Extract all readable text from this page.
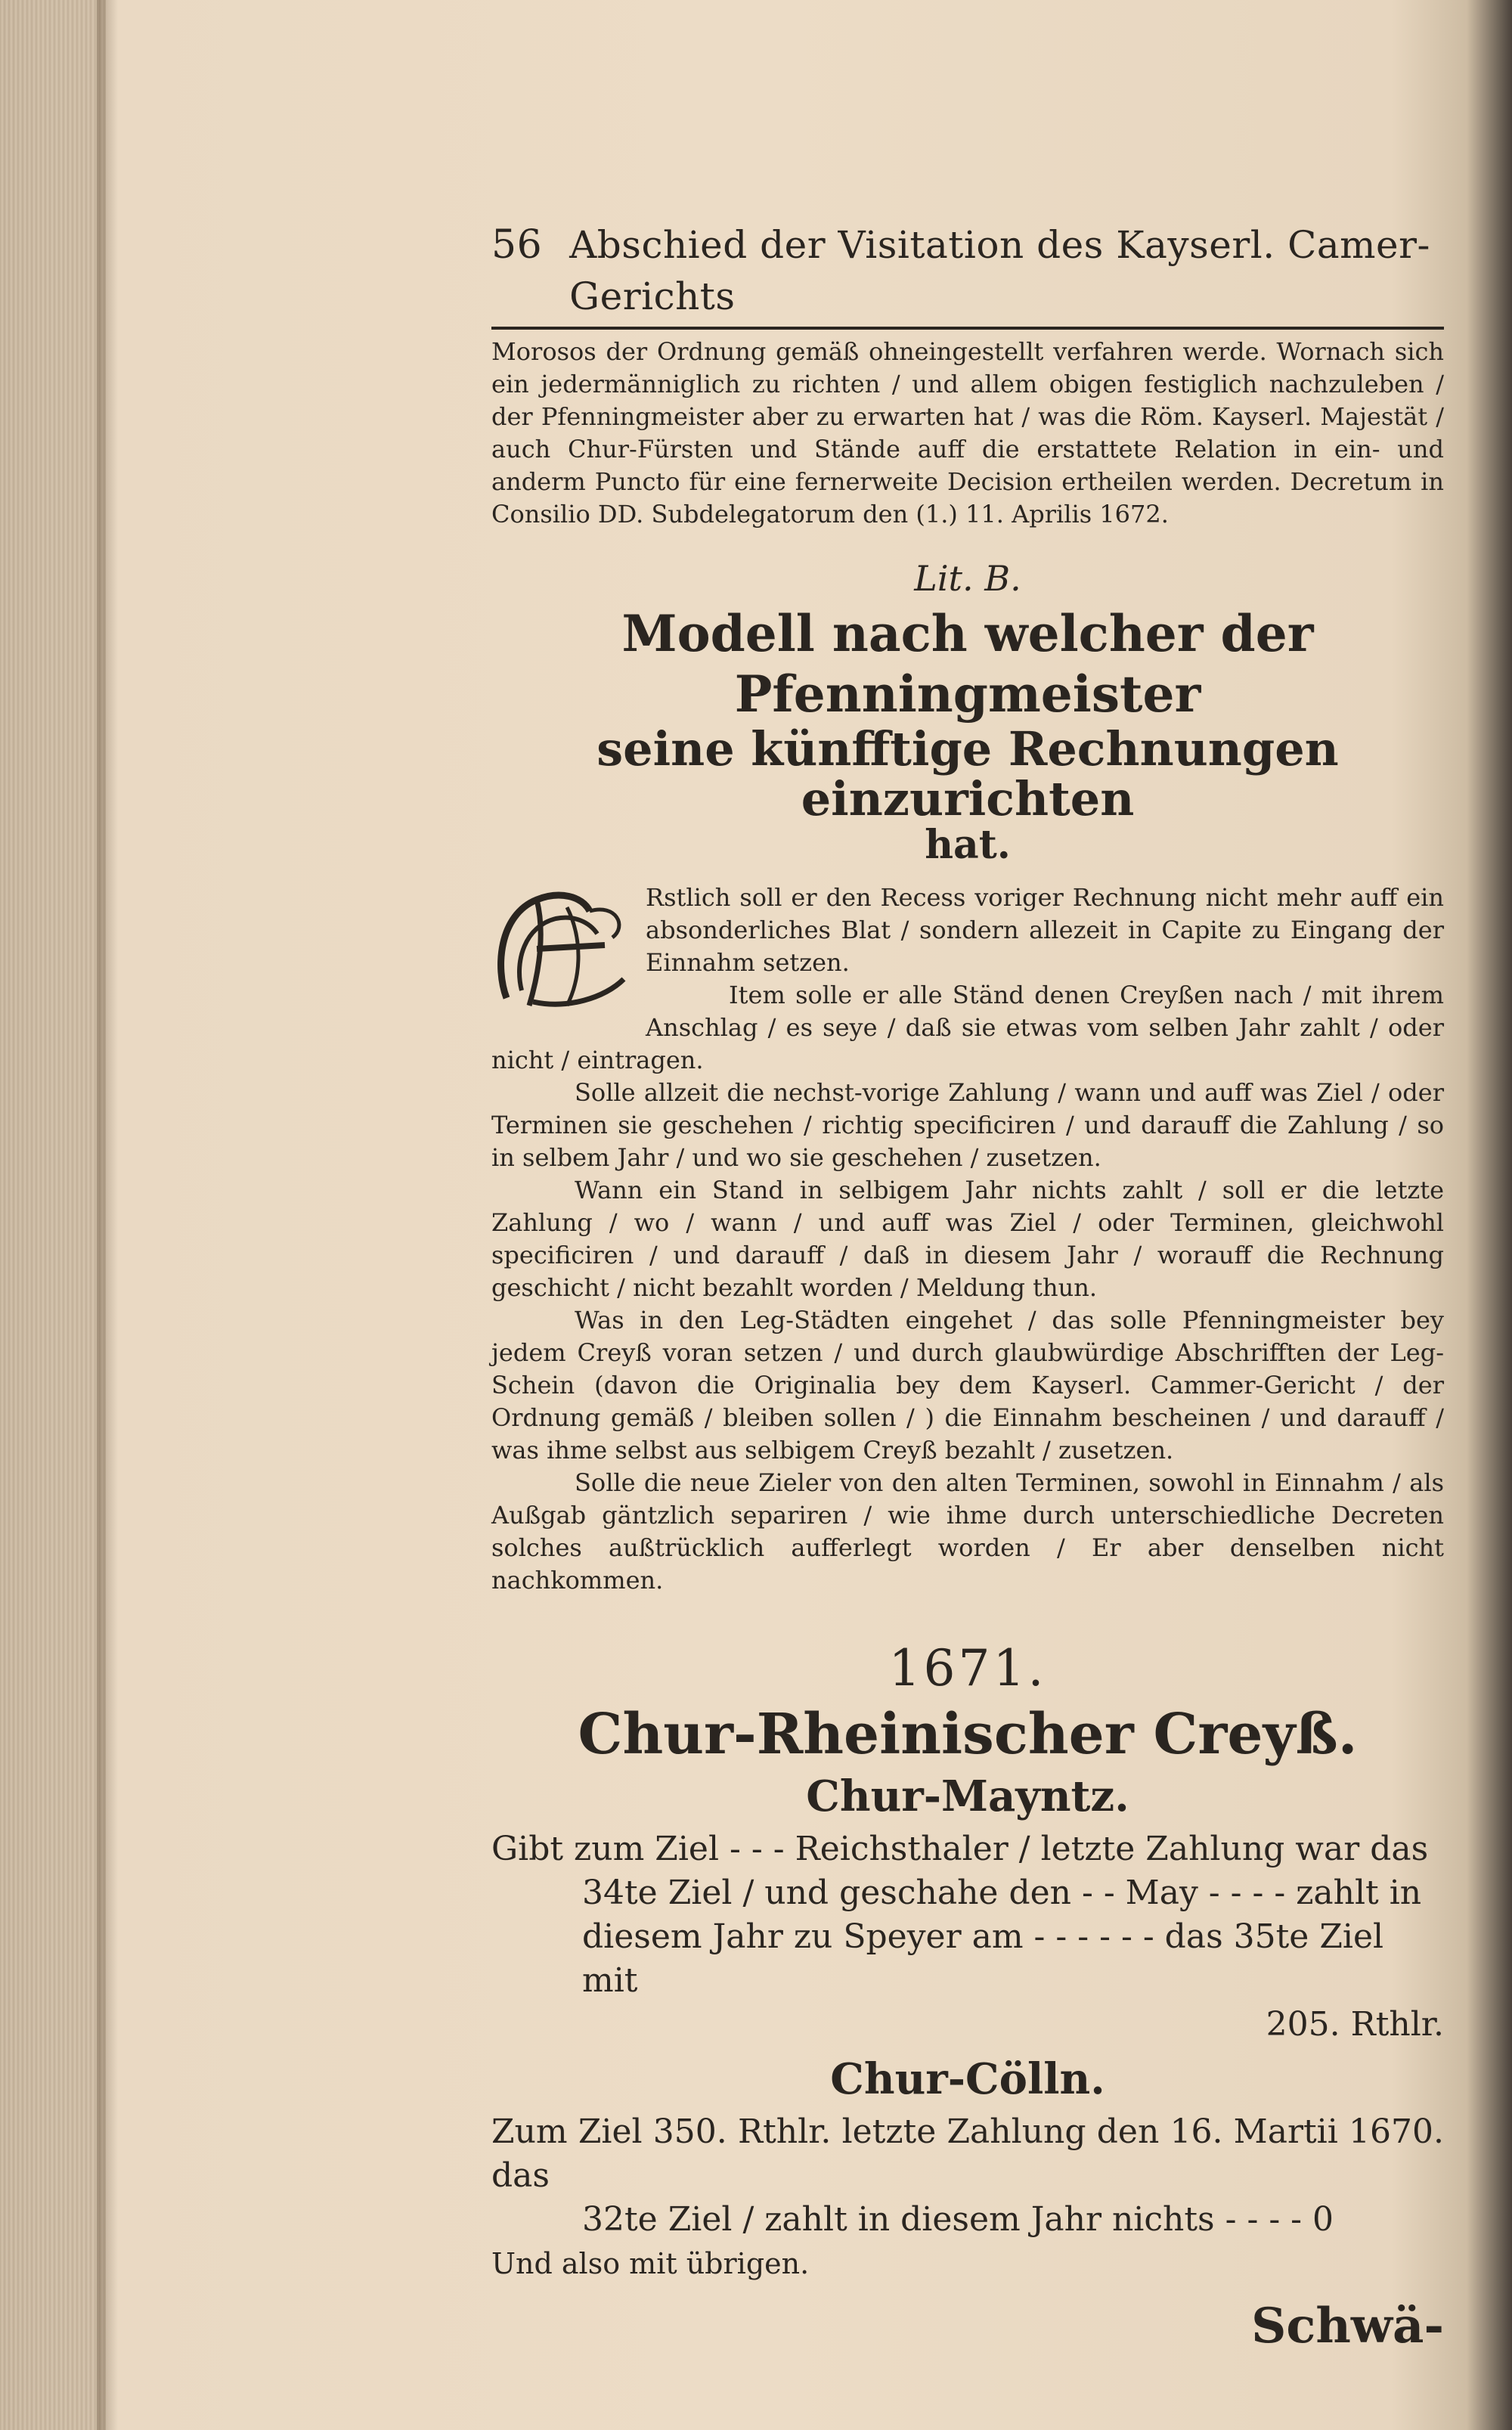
56 Abschied der Visitation des Kayserl. Camer-Gerichts

Morosos der Ordnung gemäß ohneingestellt verfahren werde. Wornach sich ein jedermänniglich zu richten / und allem obigen festiglich nachzuleben / der Pfenningmeister aber zu erwarten hat / was die Röm. Kayserl. Majestät / auch Chur-Fürsten und Stände auff die erstattete Relation in ein- und anderm Puncto für eine fernerweite Decision ertheilen werden. Decretum in Consilio DD. Subdelegatorum den (1.) 11. Aprilis 1672.

Lit. B.

Modell nach welcher der Pfenningmeister

seine künfftige Rechnungen einzurichten

hat.

Rstlich soll er den Recess voriger Rechnung nicht mehr auff ein absonderliches Blat / sondern allezeit in Capite zu Eingang der Einnahm setzen.

Item solle er alle Ständ denen Creyßen nach / mit ihrem Anschlag / es seye / daß sie etwas vom selben Jahr zahlt / oder nicht / eintragen.

Solle allzeit die nechst-vorige Zahlung / wann und auff was Ziel / oder Terminen sie geschehen / richtig specificiren / und darauff die Zahlung / so in selbem Jahr / und wo sie geschehen / zusetzen.

Wann ein Stand in selbigem Jahr nichts zahlt / soll er die letzte Zahlung / wo / wann / und auff was Ziel / oder Terminen, gleichwohl specificiren / und darauff / daß in diesem Jahr / worauff die Rechnung geschicht / nicht bezahlt worden / Meldung thun.

Was in den Leg-Städten eingehet / das solle Pfenningmeister bey jedem Creyß voran setzen / und durch glaubwürdige Abschrifften der Leg-Schein (davon die Originalia bey dem Kayserl. Cammer-Gericht / der Ordnung gemäß / bleiben sollen / ) die Einnahm bescheinen / und darauff / was ihme selbst aus selbigem Creyß bezahlt / zusetzen.

Solle die neue Zieler von den alten Terminen, sowohl in Einnahm / als Außgab gäntzlich separiren / wie ihme durch unterschiedliche Decreten solches außtrücklich aufferlegt worden / Er aber denselben nicht nachkommen.

1671.
Chur-Rheinischer Creyß.
Chur-Mayntz.

Gibt zum Ziel - - - Reichsthaler / letzte Zahlung war das

34te Ziel / und geschahe den - - May - - - - zahlt in

diesem Jahr zu Speyer am - - - - - - das 35te Ziel mit

205. Rthlr.

Chur-Cölln.

Zum Ziel 350. Rthlr. letzte Zahlung den 16. Martii 1670. das

32te Ziel / zahlt in diesem Jahr nichts - - - - 0

Und also mit übrigen.

Schwä-
